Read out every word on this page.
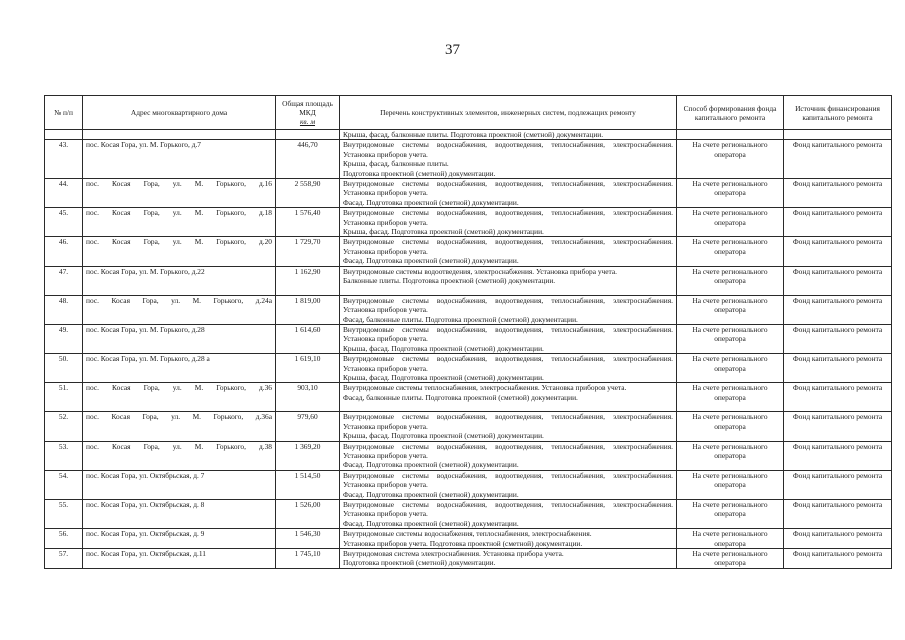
37
№ п/п	Адрес многоквартирного дома	Общая площадь МКД
кв. м	Перечень конструктивных элементов, инженерных систем, подлежащих ремонту	Способ формирования фонда капитального ремонта	Источник финансирования капитального ремонта
			Крыша, фасад, балконные плиты. Подготовка проектной (сметной) документации.		
43.	пос. Косая Гора, ул. М. Горького, д.7	446,70	Внутридомовые системы водоснабжения, водоотведения, теплоснабжения, электроснабжения. Установка приборов учета.
Крыша, фасад, балконные плиты.
Подготовка проектной (сметной) документации.	На счете регионального оператора	Фонд капитального ремонта
44.	пос. Косая Гора, ул. М. Горького, д.16	2 558,90	Внутридомовые системы водоснабжения, водоотведения, теплоснабжения, электроснабжения. Установка приборов учета.
Фасад. Подготовка проектной (сметной) документации.	На счете регионального оператора	Фонд капитального ремонта
45.	пос. Косая Гора, ул. М. Горького, д.18	1 576,40	Внутридомовые системы водоснабжения, водоотведения, теплоснабжения, электроснабжения. Установка приборов учета.
Крыша, фасад. Подготовка проектной (сметной) документации.	На счете регионального оператора	Фонд капитального ремонта
46.	пос. Косая Гора, ул. М. Горького, д.20	1 729,70	Внутридомовые системы водоснабжения, водоотведения, теплоснабжения, электроснабжения. Установка приборов учета.
Фасад. Подготовка проектной (сметной) документации.	На счете регионального оператора	Фонд капитального ремонта
47.	пос. Косая Гора, ул. М. Горького, д.22	1 162,90	Внутридомовые системы водоотведения, электроснабжения. Установка прибора учета.
Балконные плиты. Подготовка проектной (сметной) документации.	На счете регионального оператора	Фонд капитального ремонта
48.	пос. Косая Гора, ул. М. Горького, д.24а	1 819,00	Внутридомовые системы водоснабжения, водоотведения, теплоснабжения, электроснабжения. Установка приборов учета.
Фасад, балконные плиты. Подготовка проектной (сметной) документации.	На счете регионального оператора	Фонд капитального ремонта
49.	пос. Косая Гора, ул. М. Горького, д.28	1 614,60	Внутридомовые системы водоснабжения, водоотведения, теплоснабжения, электроснабжения. Установка приборов учета.
Крыша, фасад. Подготовка проектной (сметной) документации.	На счете регионального оператора	Фонд капитального ремонта
50.	пос. Косая Гора, ул. М. Горького, д.28 а	1 619,10	Внутридомовые системы водоснабжения, водоотведения, теплоснабжения, электроснабжения. Установка приборов учета.
Крыша, фасад. Подготовка проектной (сметной) документации.	На счете регионального оператора	Фонд капитального ремонта
51.	пос. Косая Гора, ул. М. Горького, д.36	903,10	Внутридомовые системы теплоснабжения, электроснабжения. Установка приборов учета.
Фасад, балконные плиты. Подготовка проектной (сметной) документации.	На счете регионального оператора	Фонд капитального ремонта
52.	пос. Косая Гора, ул. М. Горького, д.36а	979,60	Внутридомовые системы водоснабжения, водоотведения, теплоснабжения, электроснабжения. Установка приборов учета.
Крыша, фасад. Подготовка проектной (сметной) документации.	На счете регионального оператора	Фонд капитального ремонта
53.	пос. Косая Гора, ул. М. Горького, д.38	1 369,20	Внутридомовые системы водоснабжения, водоотведения, теплоснабжения, электроснабжения. Установка приборов учета.
Фасад. Подготовка проектной (сметной) документации.	На счете регионального оператора	Фонд капитального ремонта
54.	пос. Косая Гора, ул. Октябрьская, д. 7	1 514,50	Внутридомовые системы водоснабжения, водоотведения, теплоснабжения, электроснабжения. Установка приборов учета.
Фасад. Подготовка проектной (сметной) документации.	На счете регионального оператора	Фонд капитального ремонта
55.	пос. Косая Гора, ул. Октябрьская, д. 8	1 526,00	Внутридомовые системы водоснабжения, водоотведения, теплоснабжения, электроснабжения. Установка приборов учета.
Фасад. Подготовка проектной (сметной) документации.	На счете регионального оператора	Фонд капитального ремонта
56.	пос. Косая Гора, ул. Октябрьская, д. 9	1 546,30	Внутридомовые системы водоснабжения, теплоснабжения, электроснабжения.
Установка приборов учета. Подготовка проектной (сметной) документации.	На счете регионального оператора	Фонд капитального ремонта
57.	пос. Косая Гора, ул. Октябрьская, д.11	1 745,10	Внутридомовая система электроснабжения. Установка прибора учета.
Подготовка проектной (сметной) документации.	На счете регионального оператора	Фонд капитального ремонта
